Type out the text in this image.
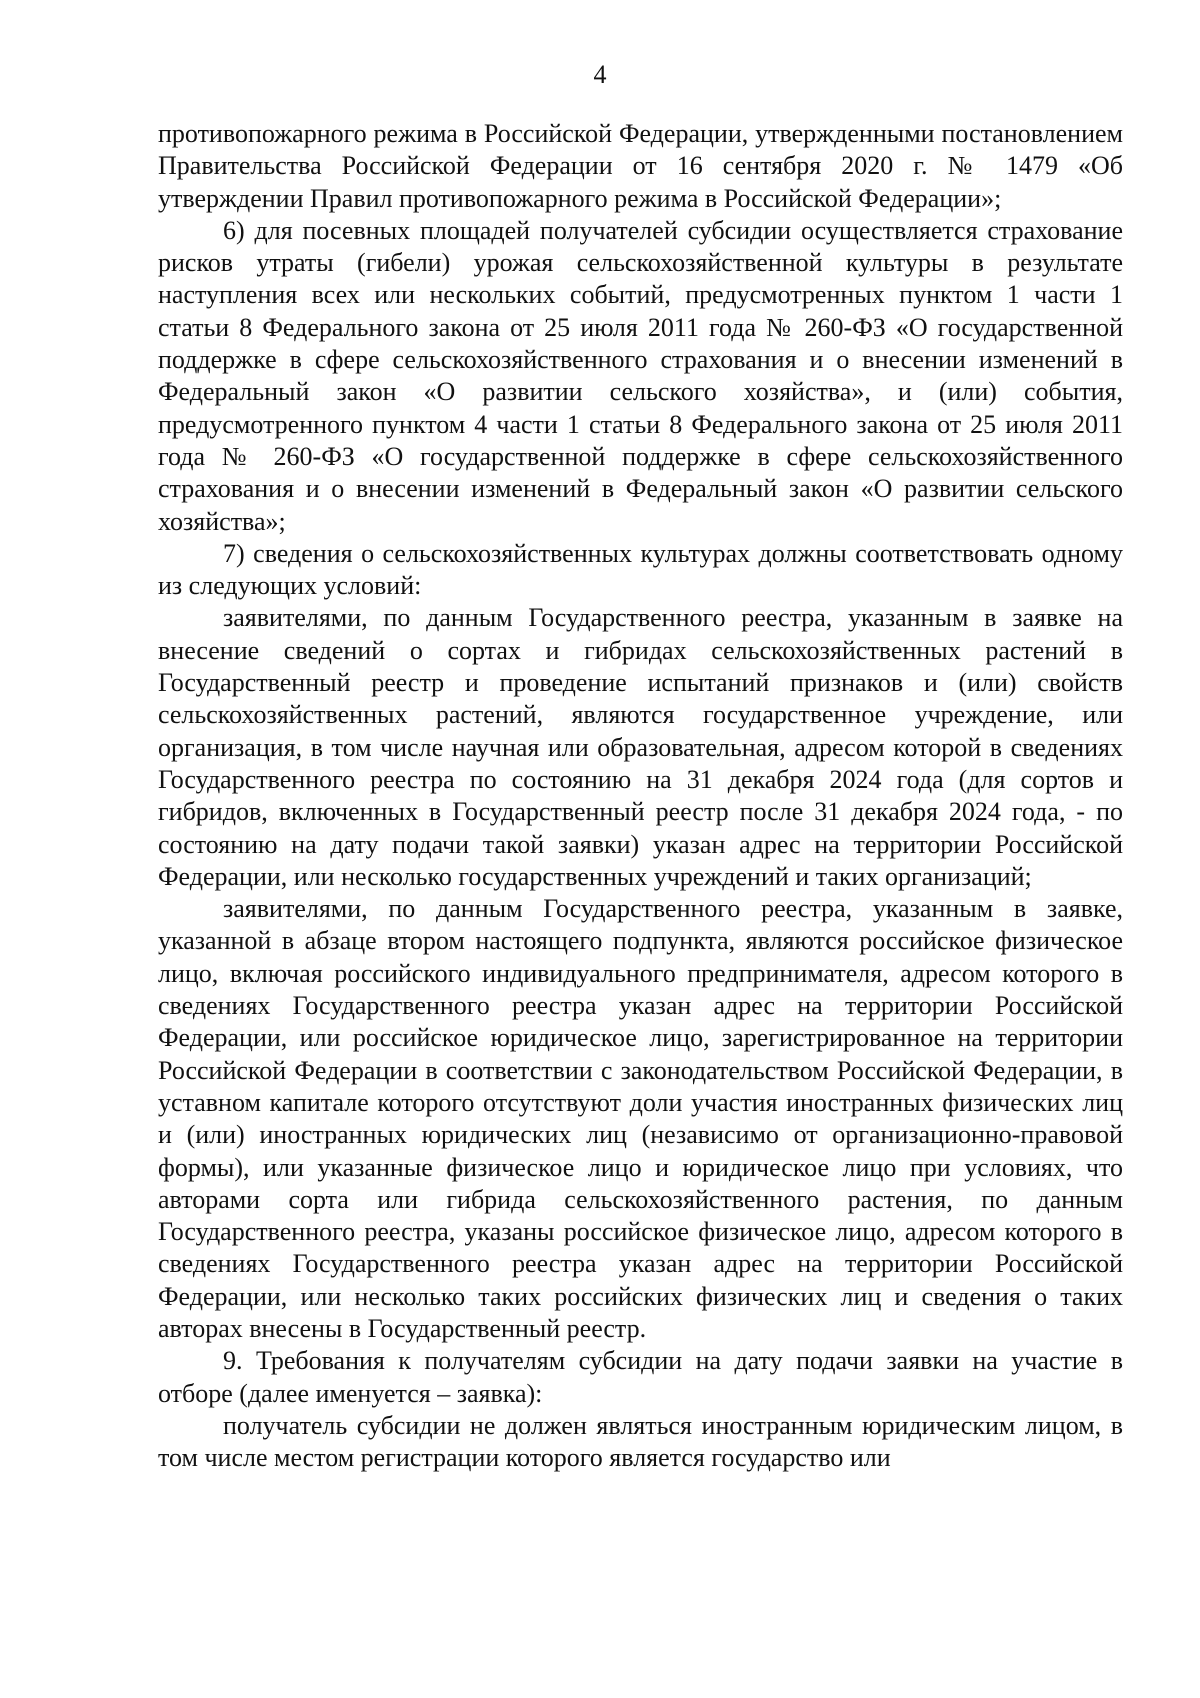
4

противопожарного режима в Российской Федерации, утвержденными постановлением Правительства Российской Федерации от 16 сентября 2020 г. № 1479 «Об утверждении Правил противопожарного режима в Российской Федерации»;

6) для посевных площадей получателей субсидии осуществляется страхование рисков утраты (гибели) урожая сельскохозяйственной культуры в результате наступления всех или нескольких событий, предусмотренных пунктом 1 части 1 статьи 8 Федерального закона от 25 июля 2011 года № 260-ФЗ «О государственной поддержке в сфере сельскохозяйственного страхования и о внесении изменений в Федеральный закон «О развитии сельского хозяйства», и (или) события, предусмотренного пунктом 4 части 1 статьи 8 Федерального закона от 25 июля 2011 года № 260-ФЗ «О государственной поддержке в сфере сельскохозяйственного страхования и о внесении изменений в Федеральный закон «О развитии сельского хозяйства»;

7) сведения о сельскохозяйственных культурах должны соответствовать одному из следующих условий:

заявителями, по данным Государственного реестра, указанным в заявке на внесение сведений о сортах и гибридах сельскохозяйственных растений в Государственный реестр и проведение испытаний признаков и (или) свойств сельскохозяйственных растений, являются государственное учреждение, или организация, в том числе научная или образовательная, адресом которой в сведениях Государственного реестра по состоянию на 31 декабря 2024 года (для сортов и гибридов, включенных в Государственный реестр после 31 декабря 2024 года, - по состоянию на дату подачи такой заявки) указан адрес на территории Российской Федерации, или несколько государственных учреждений и таких организаций;

заявителями, по данным Государственного реестра, указанным в заявке, указанной в абзаце втором настоящего подпункта, являются российское физическое лицо, включая российского индивидуального предпринимателя, адресом которого в сведениях Государственного реестра указан адрес на территории Российской Федерации, или российское юридическое лицо, зарегистрированное на территории Российской Федерации в соответствии с законодательством Российской Федерации, в уставном капитале которого отсутствуют доли участия иностранных физических лиц и (или) иностранных юридических лиц (независимо от организационно-правовой формы), или указанные физическое лицо и юридическое лицо при условиях, что авторами сорта или гибрида сельскохозяйственного растения, по данным Государственного реестра, указаны российское физическое лицо, адресом которого в сведениях Государственного реестра указан адрес на территории Российской Федерации, или несколько таких российских физических лиц и сведения о таких авторах внесены в Государственный реестр.

9. Требования к получателям субсидии на дату подачи заявки на участие в отборе (далее именуется – заявка):

получатель субсидии не должен являться иностранным юридическим лицом, в том числе местом регистрации которого является государство или
